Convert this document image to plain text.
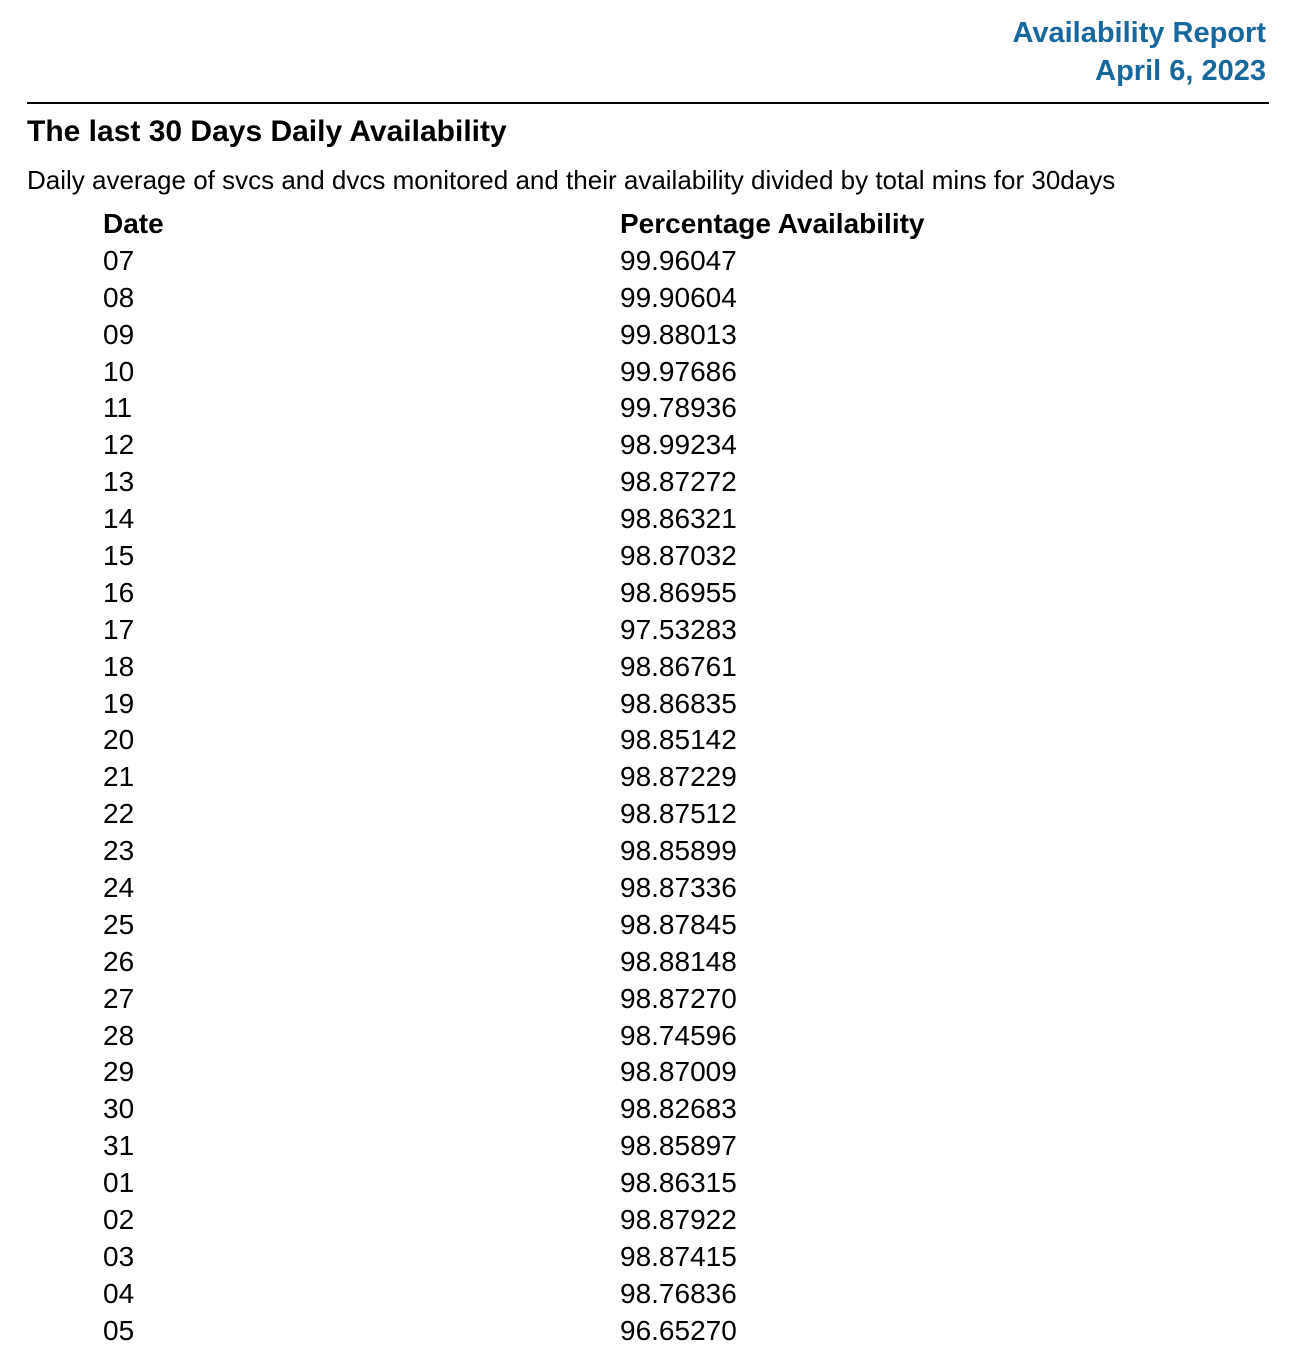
Availability Report
April 6, 2023
The last 30 Days Daily Availability
Daily average of svcs and dvcs monitored and their availability divided by total mins for 30days
Date	Percentage Availability
07	99.96047
08	99.90604
09	99.88013
10	99.97686
11	99.78936
12	98.99234
13	98.87272
14	98.86321
15	98.87032
16	98.86955
17	97.53283
18	98.86761
19	98.86835
20	98.85142
21	98.87229
22	98.87512
23	98.85899
24	98.87336
25	98.87845
26	98.88148
27	98.87270
28	98.74596
29	98.87009
30	98.82683
31	98.85897
01	98.86315
02	98.87922
03	98.87415
04	98.76836
05	96.65270
